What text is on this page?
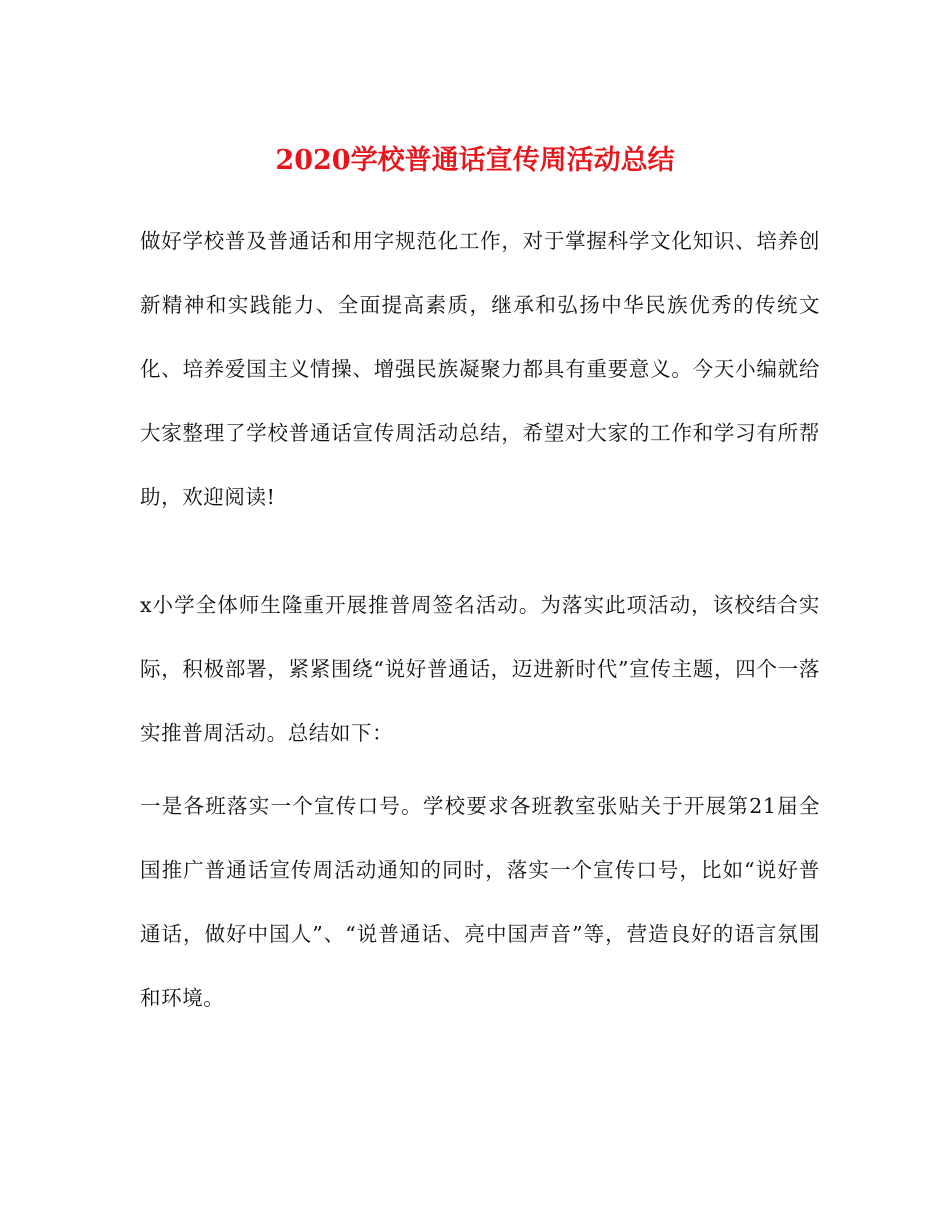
2020学校普通话宣传周活动总结

做好学校普及普通话和用字规范化工作，对于掌握科学文化知识、培养创新精神和实践能力、全面提高素质，继承和弘扬中华民族优秀的传统文化、培养爱国主义情操、增强民族凝聚力都具有重要意义。今天小编就给大家整理了学校普通话宣传周活动总结，希望对大家的工作和学习有所帮助，欢迎阅读!

x小学全体师生隆重开展推普周签名活动。为落实此项活动，该校结合实际，积极部署，紧紧围绕“说好普通话，迈进新时代”宣传主题，四个一落实推普周活动。总结如下：

一是各班落实一个宣传口号。学校要求各班教室张贴关于开展第21届全国推广普通话宣传周活动通知的同时，落实一个宣传口号，比如“说好普通话，做好中国人”、“说普通话、亮中国声音”等，营造良好的语言氛围和环境。
